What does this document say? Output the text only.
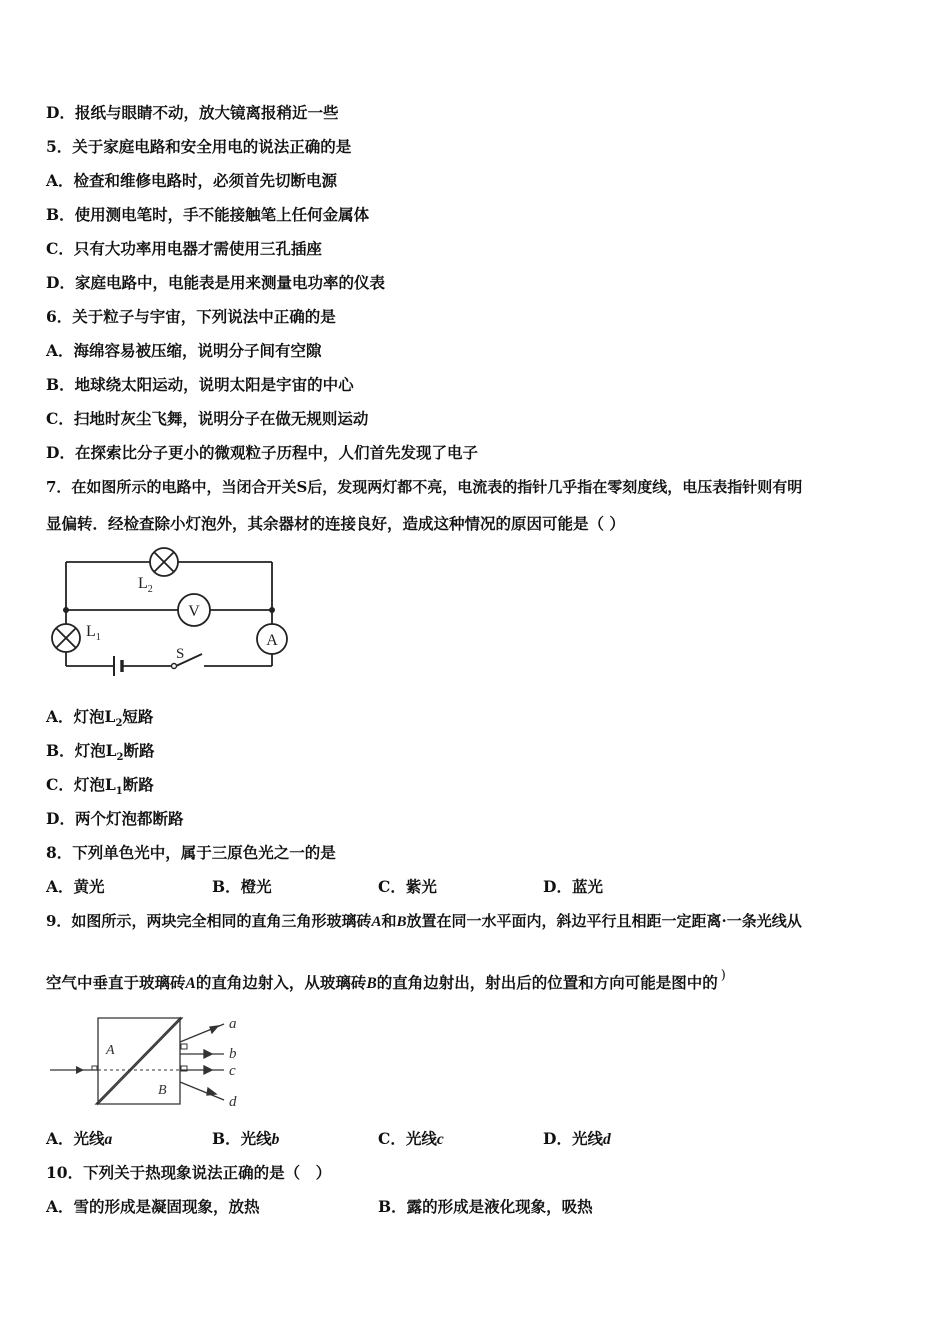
D．报纸与眼睛不动，放大镜离报稍近一些
5．关于家庭电路和安全用电的说法正确的是
A．检查和维修电路时，必须首先切断电源
B．使用测电笔时，手不能接触笔上任何金属体
C．只有大功率用电器才需使用三孔插座
D．家庭电路中，电能表是用来测量电功率的仪表
6．关于粒子与宇宙，下列说法中正确的是
A．海绵容易被压缩，说明分子间有空隙
B．地球绕太阳运动，说明太阳是宇宙的中心
C．扫地时灰尘飞舞，说明分子在做无规则运动
D．在探索比分子更小的微观粒子历程中，人们首先发现了电子
7．在如图所示的电路中，当闭合开关S后，发现两灯都不亮，电流表的指针几乎指在零刻度线，电压表指针则有明
显偏转．经检查除小灯泡外，其余器材的连接良好，造成这种情况的原因可能是（ ）
V
A
S
$L_2$
$L_1$
A．灯泡$L_2$短路
B．灯泡$L_2$断路
C．灯泡$L_1$断路
D．两个灯泡都断路
8．下列单色光中，属于三原色光之一的是
A．黄光	B．橙光	C．紫光	D．蓝光
9．如图所示，两块完全相同的直角三角形玻璃砖A和B放置在同一水平面内，斜边平行且相距一定距离·一条光线从
空气中垂直于玻璃砖A的直角边射入，从玻璃砖B的直角边射出，射出后的位置和方向可能是图中的 )
A
B
a
b
c
d
A．光线a	B．光线b	C．光线c	D．光线d
10．下列关于热现象说法正确的是（　）
A．雪的形成是凝固现象，放热	B．露的形成是液化现象，吸热
